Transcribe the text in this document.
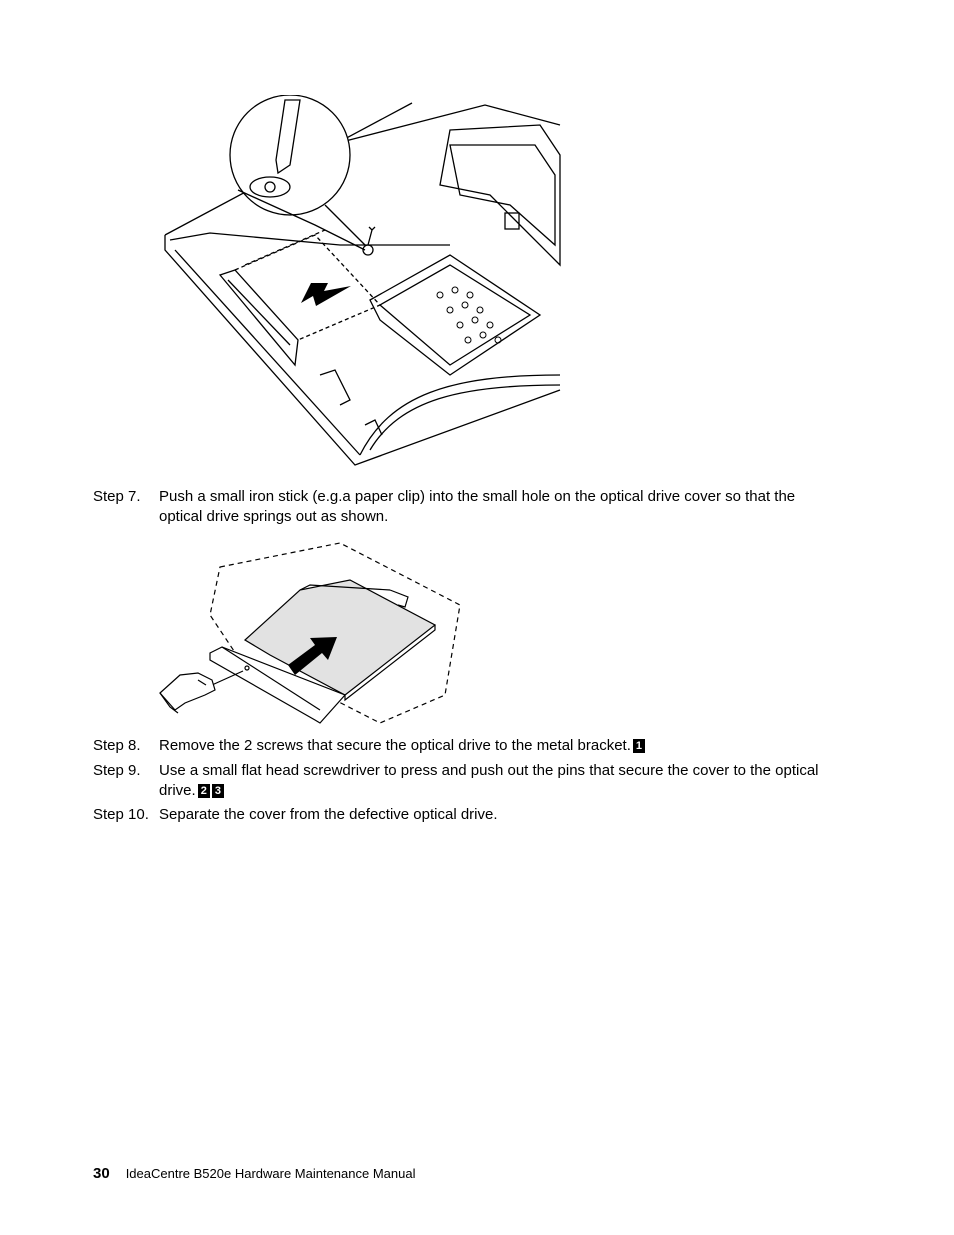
Step 7. Push a small iron stick (e.g.a paper clip) into the small hole on the optical drive cover so that the optical drive springs out as shown.
Step 8. Remove the 2 screws that secure the optical drive to the metal bracket. 1
Step 9. Use a small flat head screwdriver to press and push out the pins that secure the cover to the optical drive. 2 3
Step 10. Separate the cover from the defective optical drive.
30 IdeaCentre B520e Hardware Maintenance Manual
